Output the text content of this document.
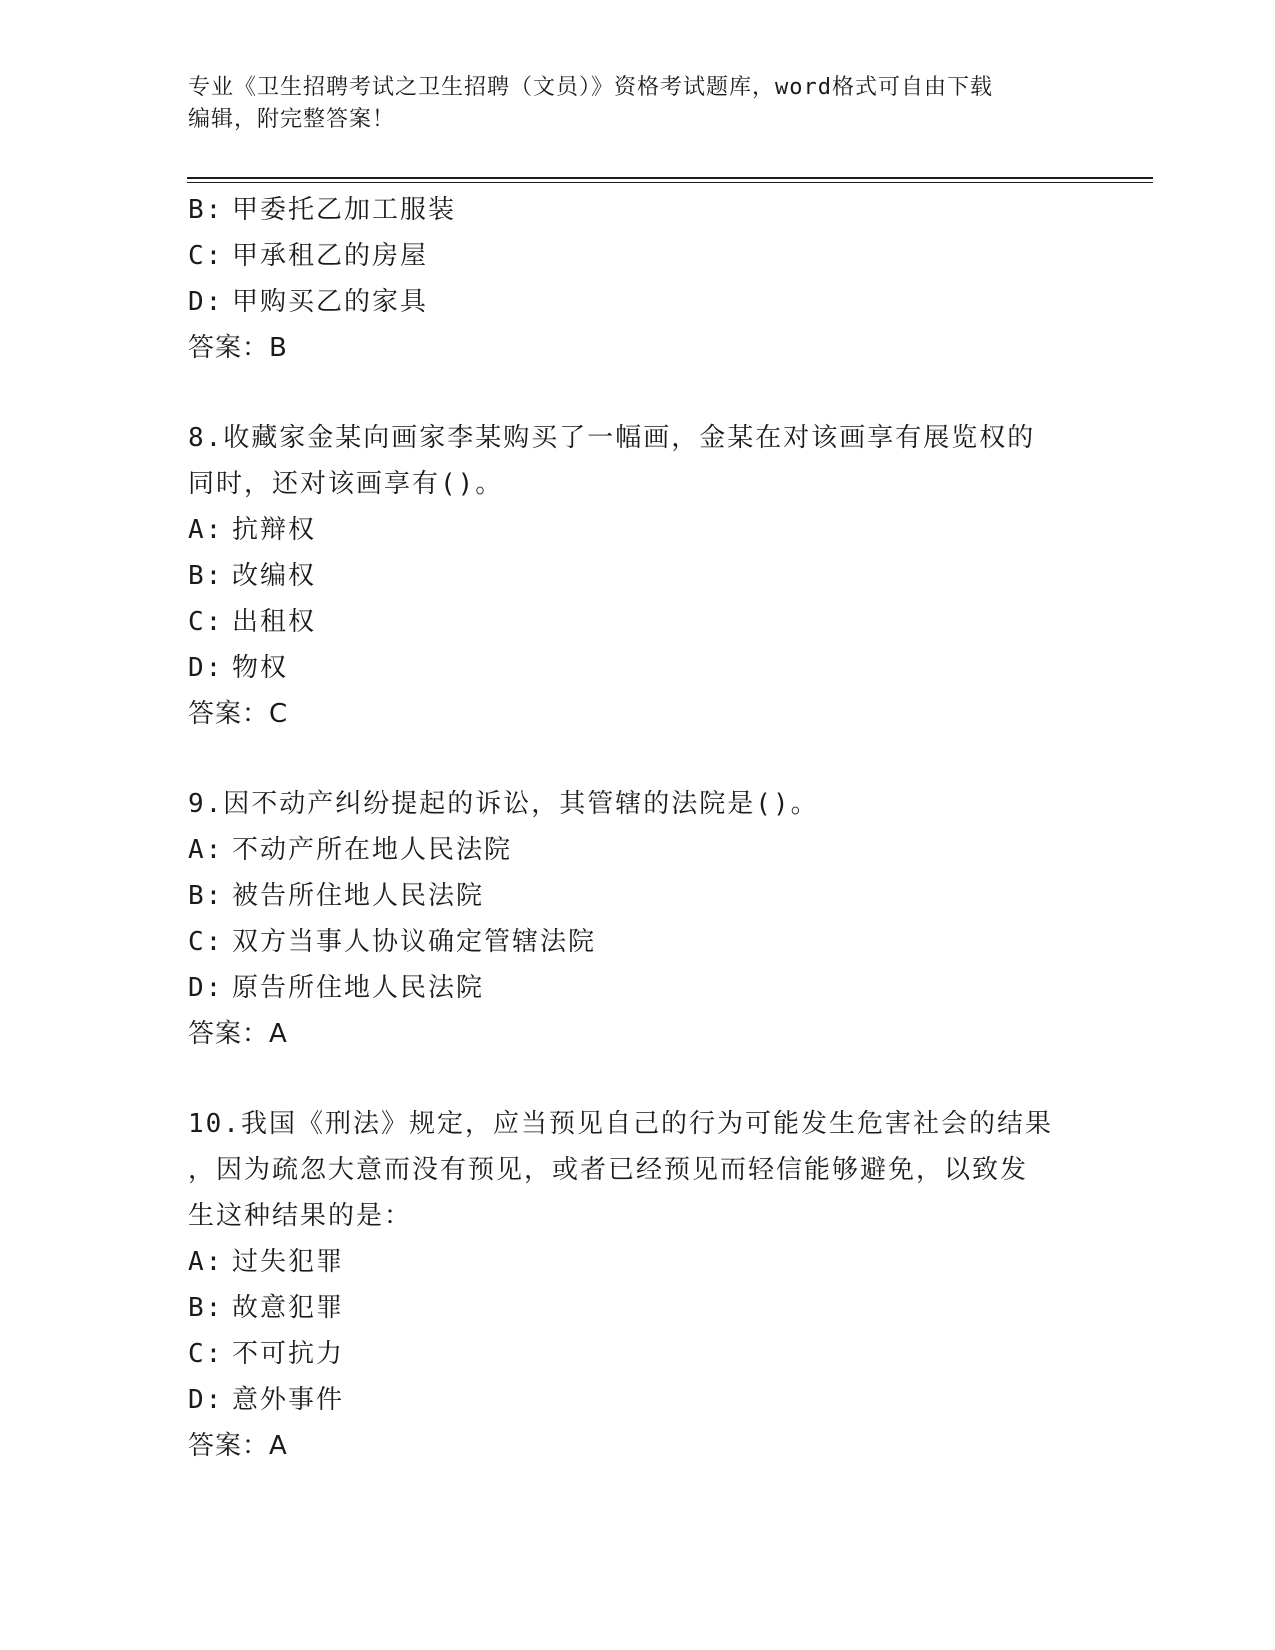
专业《卫生招聘考试之卫生招聘（文员）》资格考试题库，word格式可自由下载
编辑，附完整答案！
B: 甲委托乙加工服装
C: 甲承租乙的房屋
D: 甲购买乙的家具
答案：B
8.收藏家金某向画家李某购买了一幅画，金某在对该画享有展览权的
同时，还对该画享有()。
A: 抗辩权
B: 改编权
C: 出租权
D: 物权
答案：C
9.因不动产纠纷提起的诉讼，其管辖的法院是()。
A: 不动产所在地人民法院
B: 被告所住地人民法院
C: 双方当事人协议确定管辖法院
D: 原告所住地人民法院
答案：A
10.我国《刑法》规定，应当预见自己的行为可能发生危害社会的结果
，因为疏忽大意而没有预见，或者已经预见而轻信能够避免，以致发
生这种结果的是：
A: 过失犯罪
B: 故意犯罪
C: 不可抗力
D: 意外事件
答案：A
